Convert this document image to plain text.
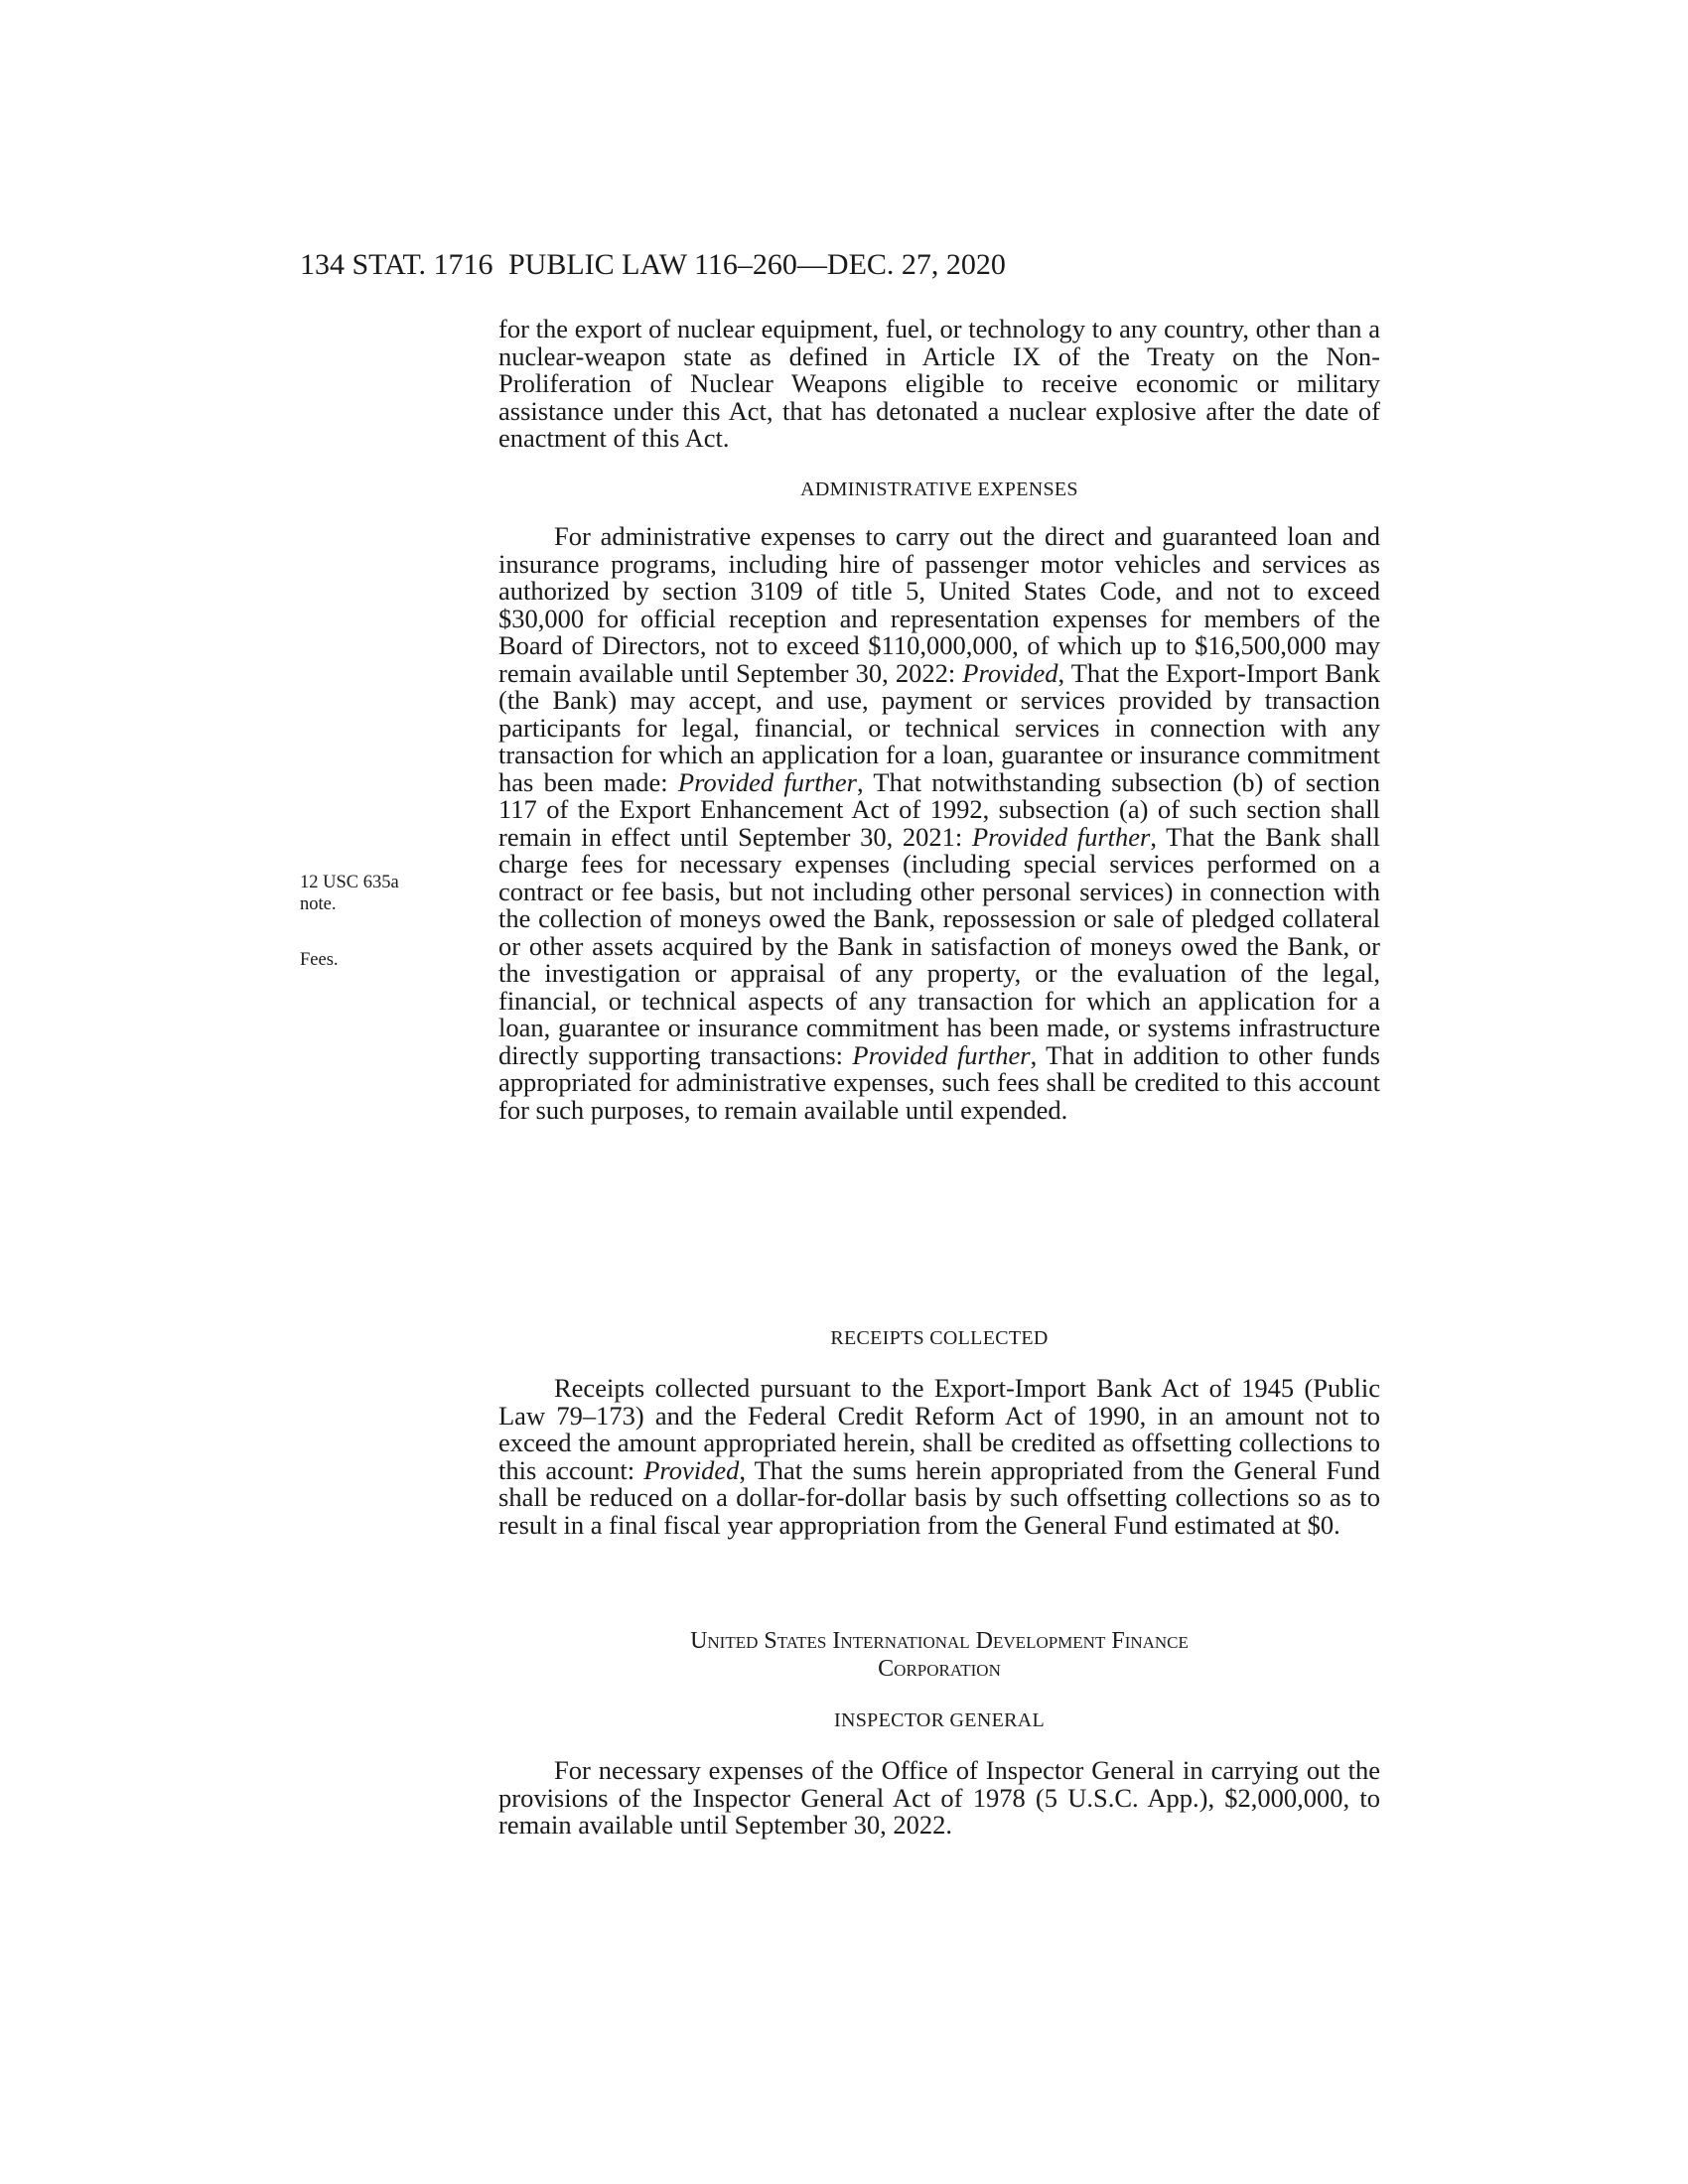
134 STAT. 1716 PUBLIC LAW 116–260—DEC. 27, 2020

for the export of nuclear equipment, fuel, or technology to any country, other than a nuclear-weapon state as defined in Article IX of the Treaty on the Non-Proliferation of Nuclear Weapons eligible to receive economic or military assistance under this Act, that has detonated a nuclear explosive after the date of enactment of this Act.

ADMINISTRATIVE EXPENSES

For administrative expenses to carry out the direct and guaranteed loan and insurance programs, including hire of passenger motor vehicles and services as authorized by section 3109 of title 5, United States Code, and not to exceed $30,000 for official reception and representation expenses for members of the Board of Directors, not to exceed $110,000,000, of which up to $16,500,000 may remain available until September 30, 2022: Provided, That the Export-Import Bank (the Bank) may accept, and use, payment or services provided by transaction participants for legal, financial, or technical services in connection with any transaction for which an application for a loan, guarantee or insurance commitment has been made: Provided further, That notwithstanding subsection (b) of section 117 of the Export Enhancement Act of 1992, subsection (a) of such section shall remain in effect until September 30, 2021: Provided further, That the Bank shall charge fees for necessary expenses (including special services performed on a contract or fee basis, but not including other personal services) in connection with the collection of moneys owed the Bank, repossession or sale of pledged collateral or other assets acquired by the Bank in satisfaction of moneys owed the Bank, or the investigation or appraisal of any property, or the evaluation of the legal, financial, or technical aspects of any transaction for which an application for a loan, guarantee or insurance commitment has been made, or systems infrastructure directly supporting transactions: Provided further, That in addition to other funds appropriated for administrative expenses, such fees shall be credited to this account for such purposes, to remain available until expended.

12 USC 635a
note.
Fees.
RECEIPTS COLLECTED

Receipts collected pursuant to the Export-Import Bank Act of 1945 (Public Law 79–173) and the Federal Credit Reform Act of 1990, in an amount not to exceed the amount appropriated herein, shall be credited as offsetting collections to this account: Provided, That the sums herein appropriated from the General Fund shall be reduced on a dollar-for-dollar basis by such offsetting collections so as to result in a final fiscal year appropriation from the General Fund estimated at $0.

United States International Development Finance
Corporation
INSPECTOR GENERAL

For necessary expenses of the Office of Inspector General in carrying out the provisions of the Inspector General Act of 1978 (5 U.S.C. App.), $2,000,000, to remain available until September 30, 2022.
